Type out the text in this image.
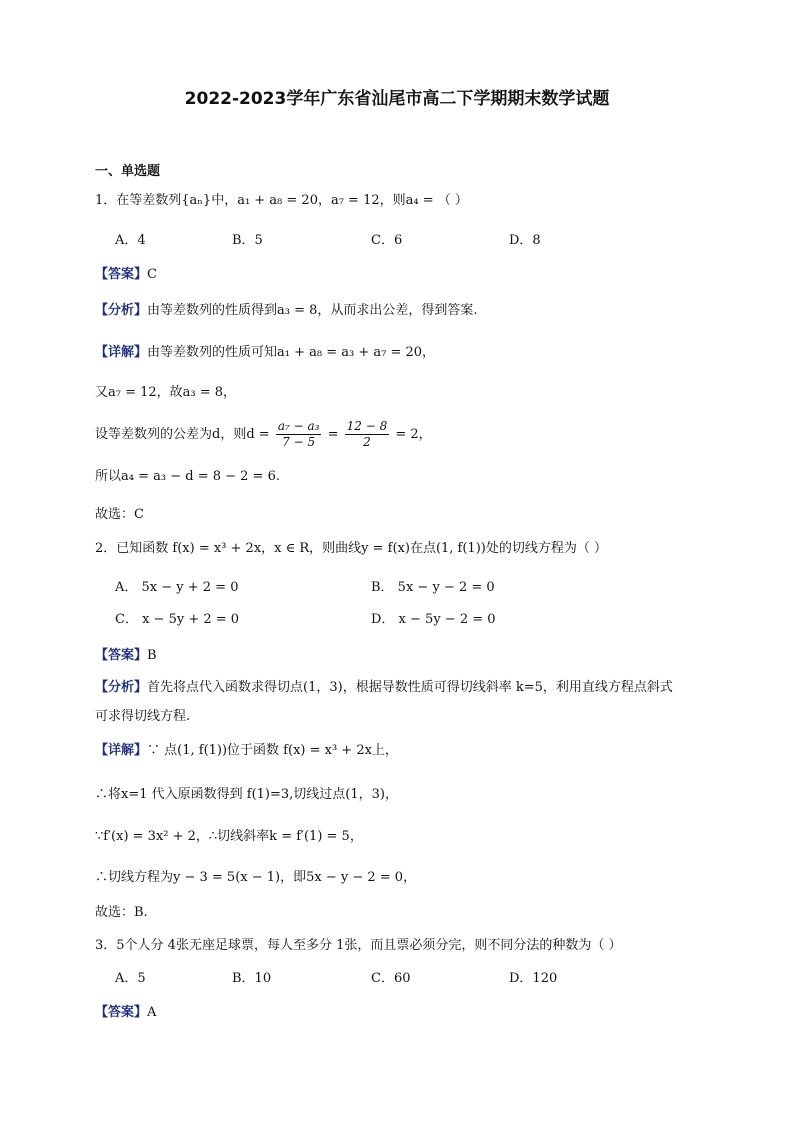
2022-2023学年广东省汕尾市高二下学期期末数学试题
一、单选题
1．在等差数列{aₙ}中，a₁ + a₈ = 20，a₇ = 12，则a₄ = （ ）
A．4	B．5	C．6	D．8
【答案】C
【分析】由等差数列的性质得到a₃ = 8，从而求出公差，得到答案.
【详解】由等差数列的性质可知a₁ + a₈ = a₃ + a₇ = 20，
又a₇ = 12，故a₃ = 8，
设等差数列的公差为d，则$d = \frac{\text{a₇ − a₃}}{7 - 5} = \frac{12 - 8}{2} = 2$，
所以a₄ = a₃ − d = 8 − 2 = 6.
故选：C
2．已知函数 f(x) = x³ + 2x，x ∈ R，则曲线y = f(x)在点(1, f(1))处的切线方程为（ ）
A． 5x − y + 2 = 0	B． 5x − y − 2 = 0
C． x − 5y + 2 = 0	D． x − 5y − 2 = 0
【答案】B
【分析】首先将点代入函数求得切点(1，3)，根据导数性质可得切线斜率 k=5，利用直线方程点斜式
可求得切线方程.
【详解】∵ 点(1, f(1))位于函数 f(x) = x³ + 2x上，
∴将x=1 代入原函数得到 f(1)=3,切线过点(1，3)，
∵f′(x) = 3x² + 2，∴切线斜率k = f′(1) = 5，
∴切线方程为y − 3 = 5(x − 1)，即5x − y − 2 = 0，
故选：B.
3．5个人分 4张无座足球票，每人至多分 1张，而且票必须分完，则不同分法的种数为（ ）
A．5	B．10	C．60	D．120
【答案】A
